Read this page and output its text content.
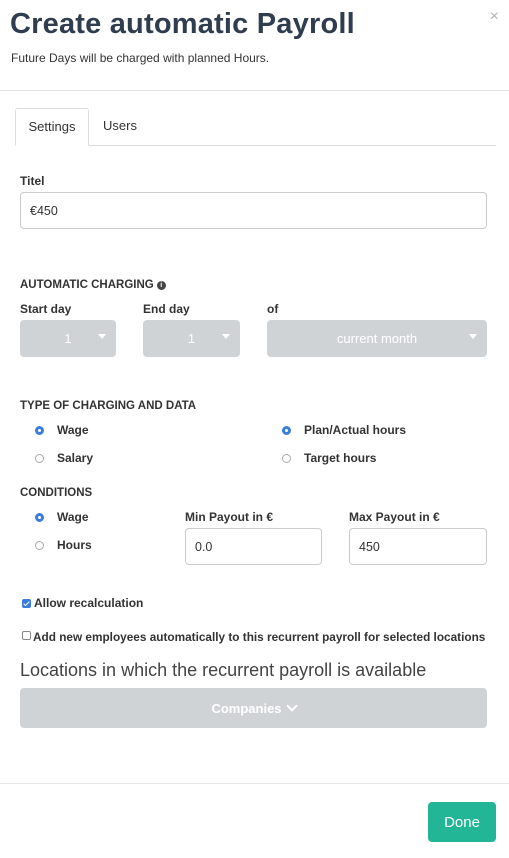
Create automatic Payroll
Future Days will be charged with planned Hours.
×
Settings	Users
Titel
€450
AUTOMATIC CHARGING i
Start day	End day	of
1	1	current month
TYPE OF CHARGING AND DATA
Wage
Salary
Plan/Actual hours
Target hours
CONDITIONS
Wage
Hours
Min Payout in €
0.0
Max Payout in €
450
Allow recalculation
Add new employees automatically to this recurrent payroll for selected locations
Locations in which the recurrent payroll is available
Companies
Done
